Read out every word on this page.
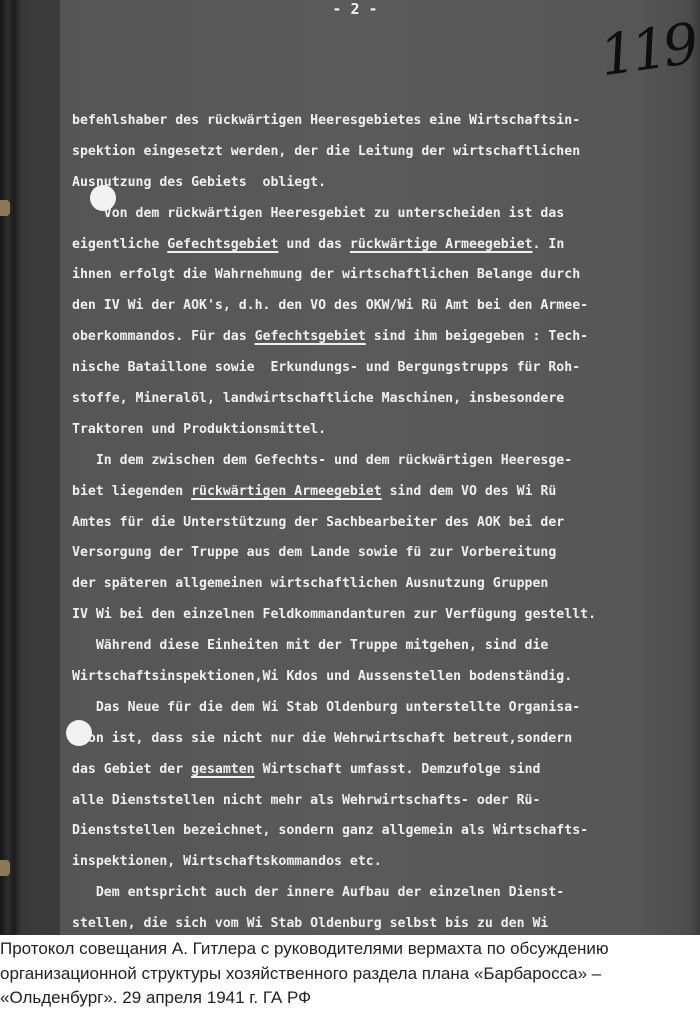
- 2 -
119
befehlshaber des rückwärtigen Heeresgebietes eine Wirtschaftsin-
spektion eingesetzt werden, der die Leitung der wirtschaftlichen
Ausnutzung des Gebiets  obliegt.
Von dem rückwärtigen Heeresgebiet zu unterscheiden ist das
eigentliche Gefechtsgebiet und das rückwärtige Armeegebiet. In
ihnen erfolgt die Wahrnehmung der wirtschaftlichen Belange durch
den IV Wi der AOK's, d.h. den VO des OKW/Wi Rü Amt bei den Armee-
oberkommandos. Für das Gefechtsgebiet sind ihm beigegeben : Tech-
nische Bataillone sowie  Erkundungs- und Bergungstrupps für Roh-
stoffe, Mineralöl, landwirtschaftliche Maschinen, insbesondere
Traktoren und Produktionsmittel.
In dem zwischen dem Gefechts- und dem rückwärtigen Heeresge-
biet liegenden rückwärtigen Armeegebiet sind dem VO des Wi Rü
Amtes für die Unterstützung der Sachbearbeiter des AOK bei der
Versorgung der Truppe aus dem Lande sowie fü zur Vorbereitung
der späteren allgemeinen wirtschaftlichen Ausnutzung Gruppen
IV Wi bei den einzelnen Feldkommandanturen zur Verfügung gestellt.
Während diese Einheiten mit der Truppe mitgehen, sind die
Wirtschaftsinspektionen,Wi Kdos und Aussenstellen bodenständig.
Das Neue für die dem Wi Stab Oldenburg unterstellte Organisa-
tion ist, dass sie nicht nur die Wehrwirtschaft betreut,sondern
das Gebiet der gesamten Wirtschaft umfasst. Demzufolge sind
alle Dienststellen nicht mehr als Wehrwirtschafts- oder Rü-
Dienststellen bezeichnet, sondern ganz allgemein als Wirtschafts-
inspektionen, Wirtschaftskommandos etc.
Dem entspricht auch der innere Aufbau der einzelnen Dienst-
stellen, die sich vom Wi Stab Oldenburg selbst bis zu den Wi
Протокол совещания А. Гитлера с руководителями вермахта по обсуждению
организационной структуры хозяйственного раздела плана «Барбаросса» –
«Ольденбург». 29 апреля 1941 г. ГА РФ
